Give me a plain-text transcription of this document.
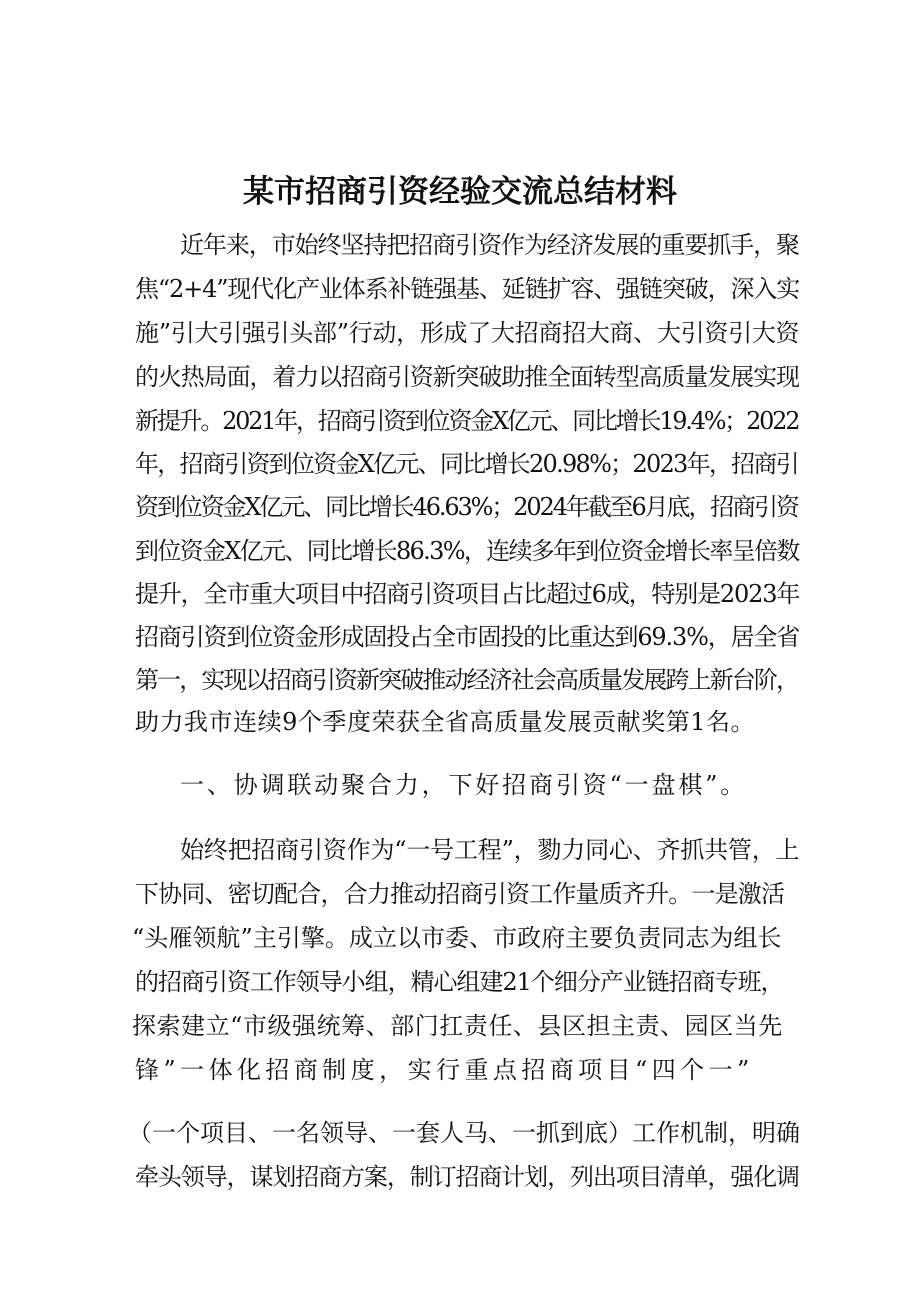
某市招商引资经验交流总结材料

近年来，市始终坚持把招商引资作为经济发展的重要抓手，聚

焦“2+4”现代化产业体系补链强基、延链扩容、强链突破，深入实

施”引大引强引头部”行动，形成了大招商招大商、大引资引大资

的火热局面，着力以招商引资新突破助推全面转型高质量发展实现

新提升。2021年，招商引资到位资金X亿元、同比增长19.4%；2022

年，招商引资到位资金X亿元、同比增长20.98%；2023年，招商引

资到位资金X亿元、同比增长46.63%；2024年截至6月底，招商引资

到位资金X亿元、同比增长86.3%，连续多年到位资金增长率呈倍数

提升，全市重大项目中招商引资项目占比超过6成，特别是2023年

招商引资到位资金形成固投占全市固投的比重达到69.3%，居全省

第一，实现以招商引资新突破推动经济社会高质量发展跨上新台阶，

助力我市连续9个季度荣获全省高质量发展贡献奖第1名。

一、协调联动聚合力，下好招商引资“一盘棋”。

始终把招商引资作为“一号工程”，勠力同心、齐抓共管，上

下协同、密切配合，合力推动招商引资工作量质齐升。一是激活

“头雁领航”主引擎。成立以市委、市政府主要负责同志为组长

的招商引资工作领导小组，精心组建21个细分产业链招商专班，

探索建立“市级强统筹、部门扛责任、县区担主责、园区当先

锋”一体化招商制度，实行重点招商项目“四个一”

（一个项目、一名领导、一套人马、一抓到底）工作机制，明确

牵头领导，谋划招商方案，制订招商计划，列出项目清单，强化调
